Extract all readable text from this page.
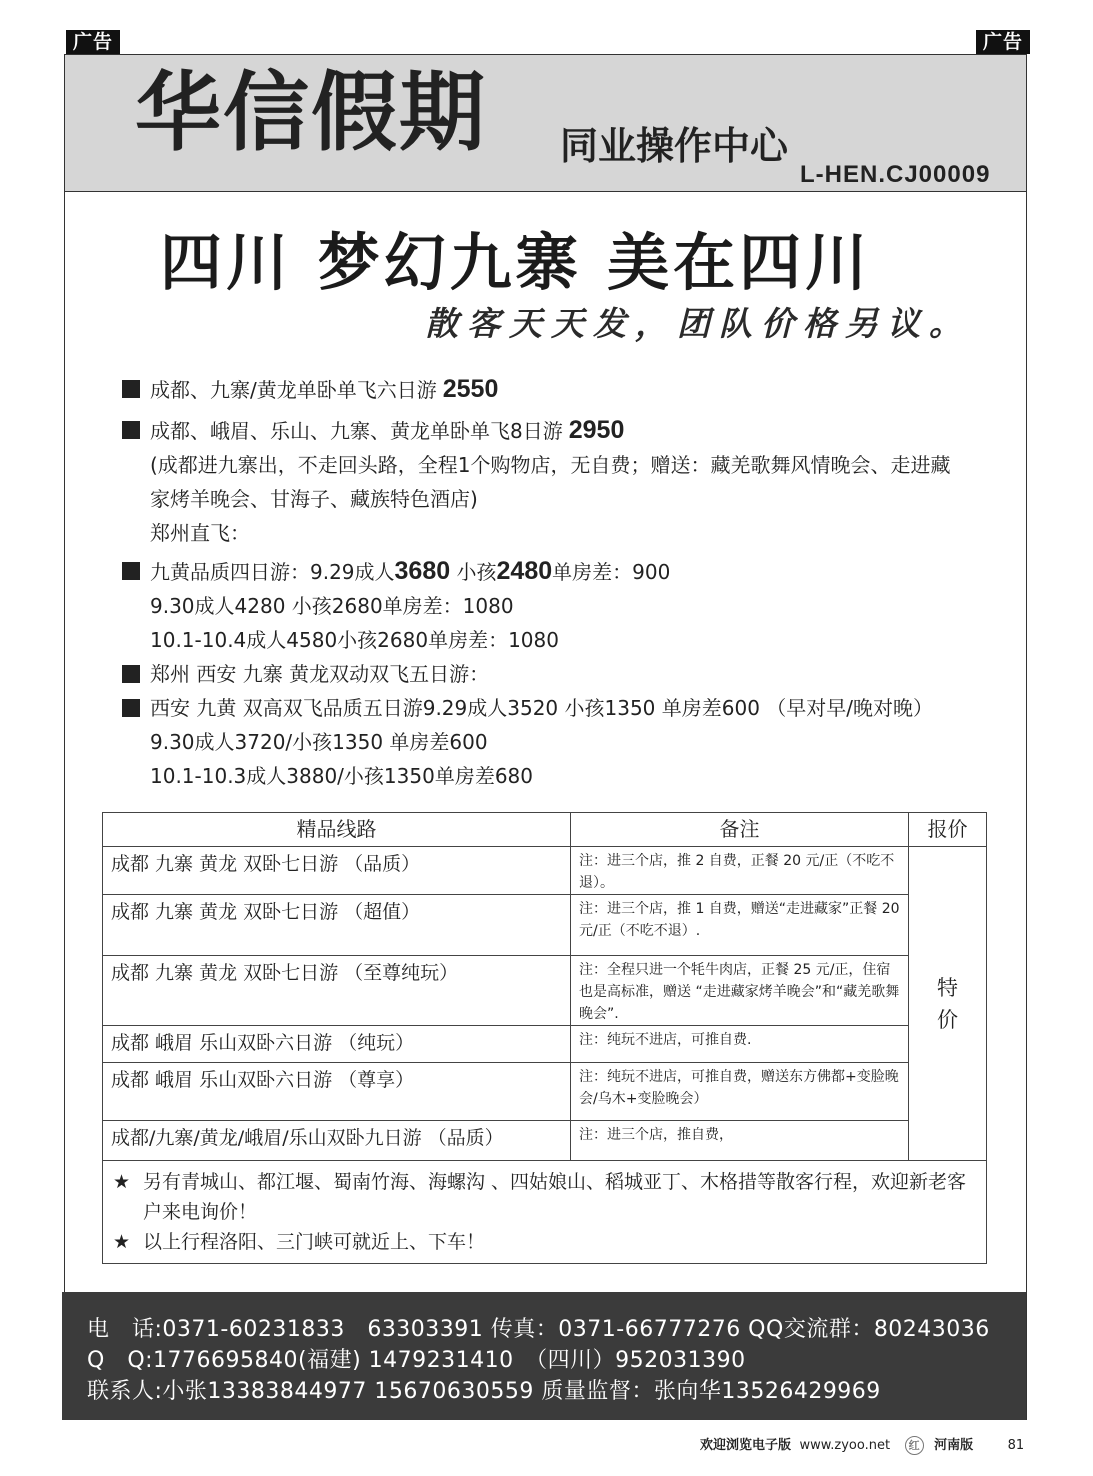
广告	广告
华信假期 同业操作中心
L-HEN.CJ00009
四川 梦幻九寨 美在四川
散客天天发，团队价格另议。
成都、九寨/黄龙单卧单飞六日游 2550
成都、峨眉、乐山、九寨、黄龙单卧单飞8日游 2950
(成都进九寨出，不走回头路，全程1个购物店，无自费；赠送：藏羌歌舞风情晚会、走进藏
家烤羊晚会、甘海子、藏族特色酒店)
郑州直飞：
九黄品质四日游：9.29成人3680 小孩2480单房差：900
9.30成人4280 小孩2680单房差：1080
10.1-10.4成人4580小孩2680单房差：1080
郑州 西安 九寨 黄龙双动双飞五日游：
西安 九黄 双高双飞品质五日游9.29成人3520 小孩1350 单房差600 （早对早/晚对晚）
9.30成人3720/小孩1350 单房差600
10.1-10.3成人3880/小孩1350单房差680
精品线路	备注	报价
成都 九寨 黄龙 双卧七日游 （品质）	注：进三个店，推 2 自费，正餐 20 元/正（不吃不退）。	特价
成都 九寨 黄龙 双卧七日游 （超值）	注：进三个店，推 1 自费，赠送“走进藏家”正餐 20 元/正（不吃不退）.	
成都 九寨 黄龙 双卧七日游 （至尊纯玩）	注：全程只进一个牦牛肉店，正餐 25 元/正，住宿也是高标准，赠送 “走进藏家烤羊晚会”和“藏羌歌舞晚会”.	
成都 峨眉 乐山双卧六日游 （纯玩）	注：纯玩不进店，可推自费.	
成都 峨眉 乐山双卧六日游 （尊享）	注：纯玩不进店，可推自费，赠送东方佛都+变脸晚会/乌木+变脸晚会）	
成都/九寨/黄龙/峨眉/乐山双卧九日游 （品质）	注：进三个店，推自费，	

★ 另有青城山、都江堰、蜀南竹海、海螺沟 、四姑娘山、稻城亚丁、木格措等散客行程，欢迎新老客户来电询价！
★ 以上行程洛阳、三门峡可就近上、下车！		
电　话:0371-60231833　63303391 传真：0371-66777276 QQ交流群：80243036
Q　Q:1776695840(福建) 1479231410　（四川）952031390
联系人:小张13383844977 15670630559 质量监督：张向华13526429969
欢迎浏览电子版 www.zyoo.net 红 河南版	81
